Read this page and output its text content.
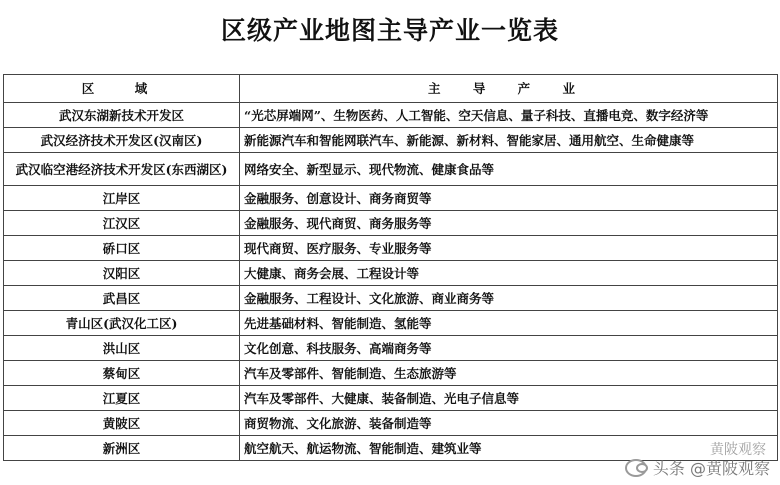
区级产业地图主导产业一览表
区　域	主 导 产 业
武汉东湖新技术开发区	“光芯屏端网”、生物医药、人工智能、空天信息、量子科技、直播电竞、数字经济等
武汉经济技术开发区(汉南区)	新能源汽车和智能网联汽车、新能源、新材料、智能家居、通用航空、生命健康等
武汉临空港经济技术开发区(东西湖区)	网络安全、新型显示、现代物流、健康食品等
江岸区	金融服务、创意设计、商务商贸等
江汉区	金融服务、现代商贸、商务服务等
硚口区	现代商贸、医疗服务、专业服务等
汉阳区	大健康、商务会展、工程设计等
武昌区	金融服务、工程设计、文化旅游、商业商务等
青山区(武汉化工区)	先进基础材料、智能制造、氢能等
洪山区	文化创意、科技服务、高端商务等
蔡甸区	汽车及零部件、智能制造、生态旅游等
江夏区	汽车及零部件、大健康、装备制造、光电子信息等
黄陂区	商贸物流、文化旅游、装备制造等
新洲区	航空航天、航运物流、智能制造、建筑业等	黄陂观察
头条 @黄陂观察
